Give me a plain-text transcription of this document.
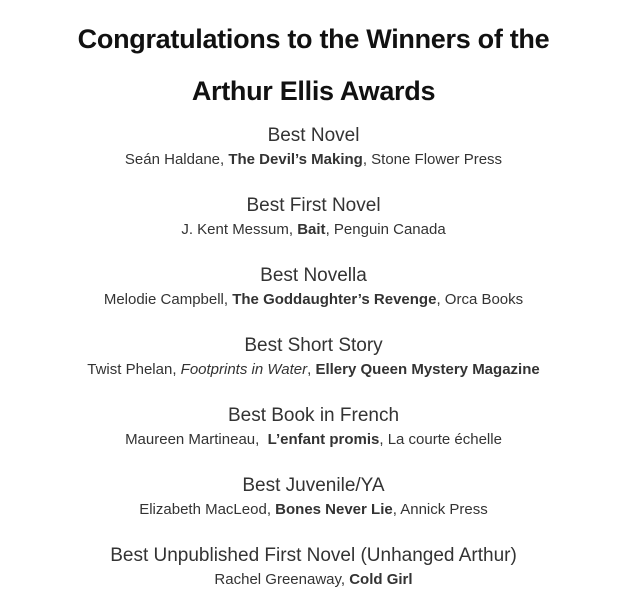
Congratulations to the Winners of the
Arthur Ellis Awards
Best Novel
Seán Haldane, The Devil’s Making, Stone Flower Press
Best First Novel
J. Kent Messum, Bait, Penguin Canada
Best Novella
Melodie Campbell, The Goddaughter’s Revenge, Orca Books
Best Short Story
Twist Phelan, Footprints in Water, Ellery Queen Mystery Magazine
Best Book in French
Maureen Martineau,  L’enfant promis, La courte échelle
Best Juvenile/YA
Elizabeth MacLeod, Bones Never Lie, Annick Press
Best Unpublished First Novel (Unhanged Arthur)
Rachel Greenaway, Cold Girl
